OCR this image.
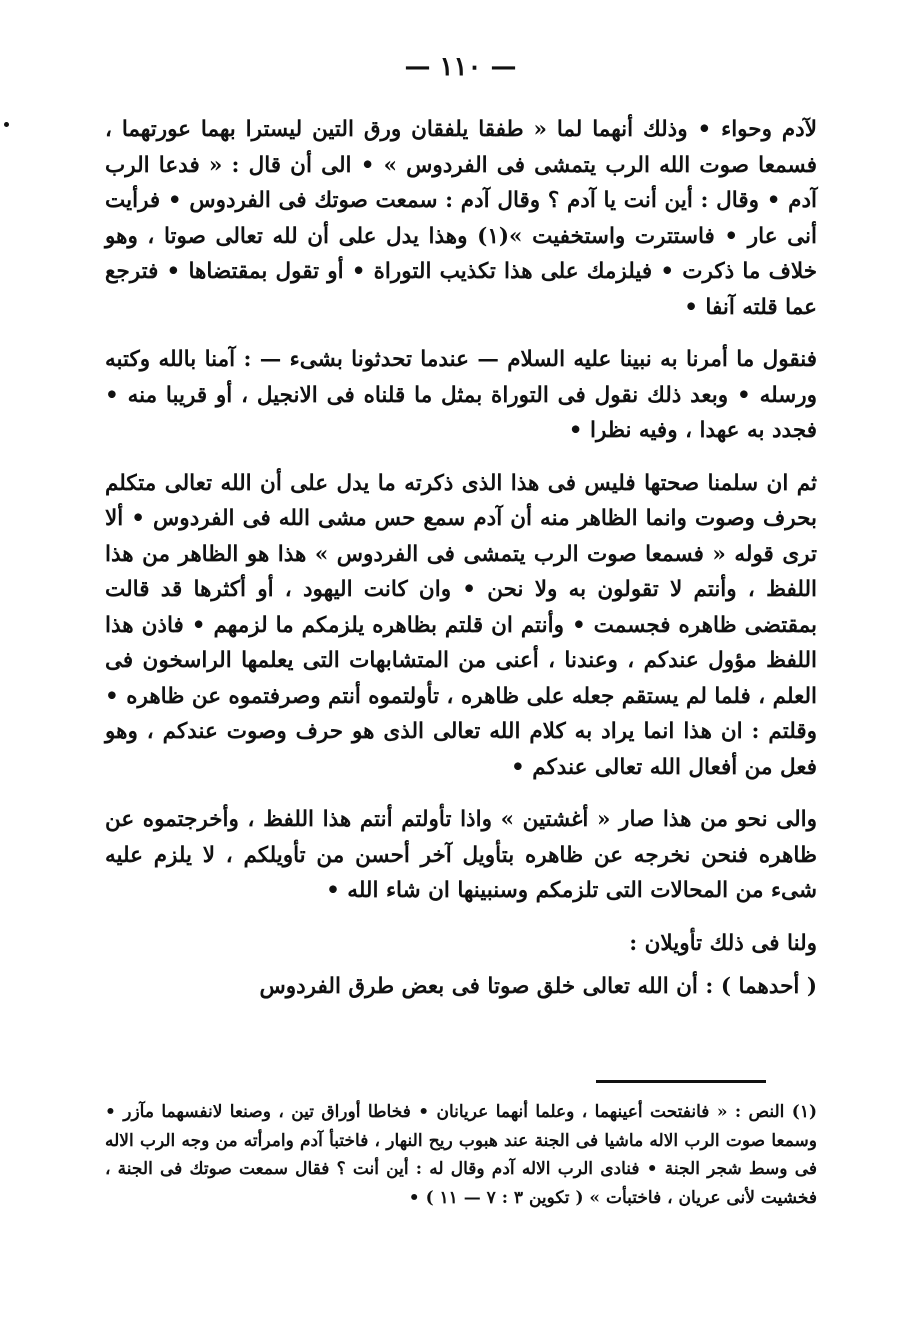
— ١١٠ —

لآدم وحواء • وذلك أنهما لما « طفقا يلفقان ورق التين ليسترا بهما عورتهما ، فسمعا صوت الله الرب يتمشى فى الفردوس » • الى أن قال : « فدعا الرب آدم • وقال : أين أنت يا آدم ؟ وقال آدم : سمعت صوتك فى الفردوس • فرأيت أنى عار • فاستترت واستخفيت »(١) وهذا يدل على أن لله تعالى صوتا ، وهو خلاف ما ذكرت • فيلزمك على هذا تكذيب التوراة • أو تقول بمقتضاها • فترجع عما قلته آنفا •

فنقول ما أمرنا به نبينا عليه السلام — عندما تحدثونا بشىء — : آمنا بالله وكتبه ورسله • وبعد ذلك نقول فى التوراة بمثل ما قلناه فى الانجيل ، أو قريبا منه • فجدد به عهدا ، وفيه نظرا •

ثم ان سلمنا صحتها فليس فى هذا الذى ذكرته ما يدل على أن الله تعالى متكلم بحرف وصوت وانما الظاهر منه أن آدم سمع حس مشى الله فى الفردوس • ألا ترى قوله « فسمعا صوت الرب يتمشى فى الفردوس » هذا هو الظاهر من هذا اللفظ ، وأنتم لا تقولون به ولا نحن • وان كانت اليهود ، أو أكثرها قد قالت بمقتضى ظاهره فجسمت • وأنتم ان قلتم بظاهره يلزمكم ما لزمهم • فاذن هذا اللفظ مؤول عندكم ، وعندنا ، أعنى من المتشابهات التى يعلمها الراسخون فى العلم ، فلما لم يستقم جعله على ظاهره ، تأولتموه أنتم وصرفتموه عن ظاهره • وقلتم : ان هذا انما يراد به كلام الله تعالى الذى هو حرف وصوت عندكم ، وهو فعل من أفعال الله تعالى عندكم •

والى نحو من هذا صار « أغشتين » واذا تأولتم أنتم هذا اللفظ ، وأخرجتموه عن ظاهره فنحن نخرجه عن ظاهره بتأويل آخر أحسن من تأويلكم ، لا يلزم عليه شىء من المحالات التى تلزمكم وسنبينها ان شاء الله •

ولنا فى ذلك تأويلان :

( أحدهما ) : أن الله تعالى خلق صوتا فى بعض طرق الفردوس

(١) النص : « فانفتحت أعينهما ، وعلما أنهما عريانان • فخاطا أوراق تين ، وصنعا لانفسهما مآزر • وسمعا صوت الرب الاله ماشيا فى الجنة عند هبوب ريح النهار ، فاختبأ آدم وامرأته من وجه الرب الاله فى وسط شجر الجنة • فنادى الرب الاله آدم وقال له : أين أنت ؟ فقال سمعت صوتك فى الجنة ، فخشيت لأنى عريان ، فاختبأت » ( تكوين ٣ : ٧ — ١١ ) •
